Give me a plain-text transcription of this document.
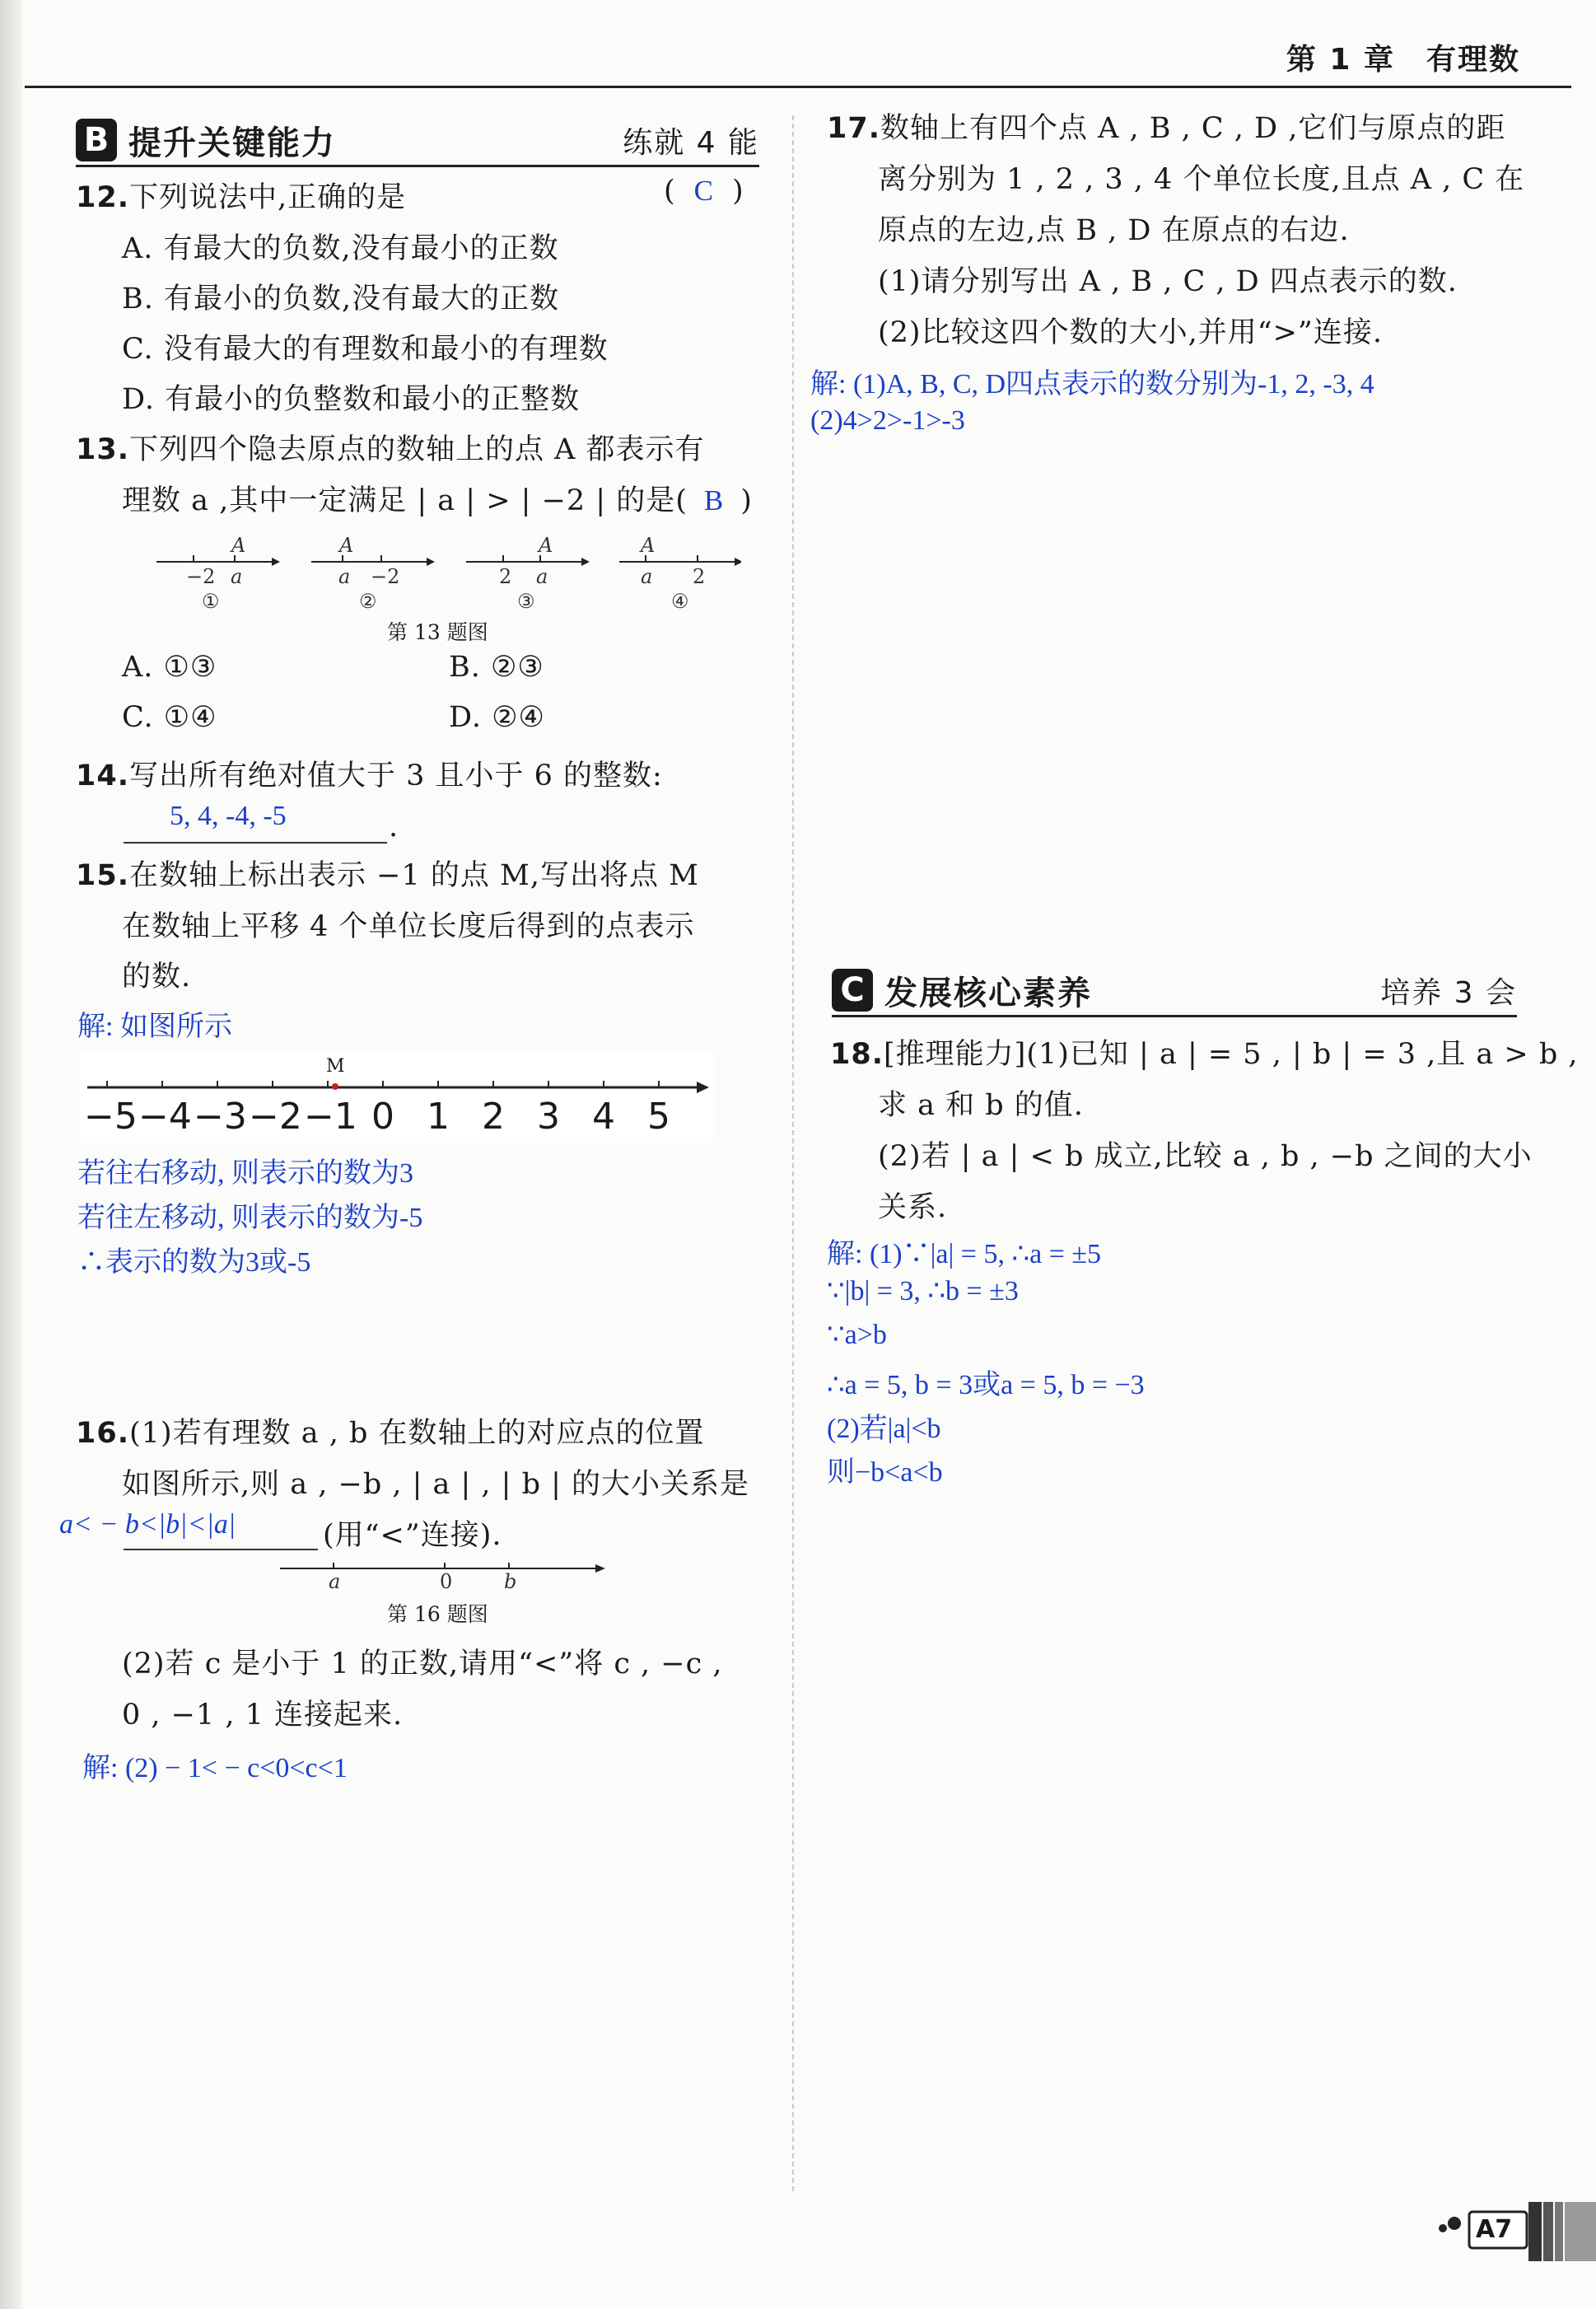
第 1 章　有理数
B 提升关键能力	练就 4 能
12.下列说法中,正确的是	( C )
A. 有最大的负数,没有最小的正数
B. 有最小的负数,没有最大的正数
C. 没有最大的有理数和最小的有理数
D. 有最小的负整数和最小的正整数
13.下列四个隐去原点的数轴上的点 A 都表示有
理数 a ,其中一定满足 | a | > | −2 | 的是( B )
A
−2 a
①
A
a −2
②
A
2 a
③
A
a 2
④
第 13 题图
A. ①③	B. ②③
C. ①④	D. ②④
14.写出所有绝对值大于 3 且小于 6 的整数:
5, 4, -4, -5	.
15.在数轴上标出表示 −1 的点 M,写出将点 M
在数轴上平移 4 个单位长度后得到的点表示
的数.
解: 如图所示
M
−5 −4 −3 −2 −1 0 1 2 3 4 5
若往右移动, 则表示的数为3
若往左移动, 则表示的数为-5
∴表示的数为3或-5
16.(1)若有理数 a , b 在数轴上的对应点的位置
如图所示,则 a , −b , | a | , | b | 的大小关系是
a< − b<|b|<|a|	(用“<”连接).
a	0	b
第 16 题图
(2)若 c 是小于 1 的正数,请用“<”将 c , −c ,
0 , −1 , 1 连接起来.
解: (2) − 1< − c<0<c<1
17.数轴上有四个点 A , B , C , D ,它们与原点的距
离分别为 1 , 2 , 3 , 4 个单位长度,且点 A , C 在
原点的左边,点 B , D 在原点的右边.
(1)请分别写出 A , B , C , D 四点表示的数.
(2)比较这四个数的大小,并用“>”连接.
解: (1)A, B, C, D四点表示的数分别为-1, 2, -3, 4
(2)4>2>-1>-3
C 发展核心素养	培养 3 会
18.[推理能力](1)已知 | a | = 5 , | b | = 3 ,且 a > b ,
求 a 和 b 的值.
(2)若 | a | < b 成立,比较 a , b , −b 之间的大小
关系.
解: (1)∵|a| = 5, ∴a = ±5
∵|b| = 3, ∴b = ±3
∵a>b
∴a = 5, b = 3或a = 5, b = −3
(2)若|a|<b
则−b<a<b
A7
